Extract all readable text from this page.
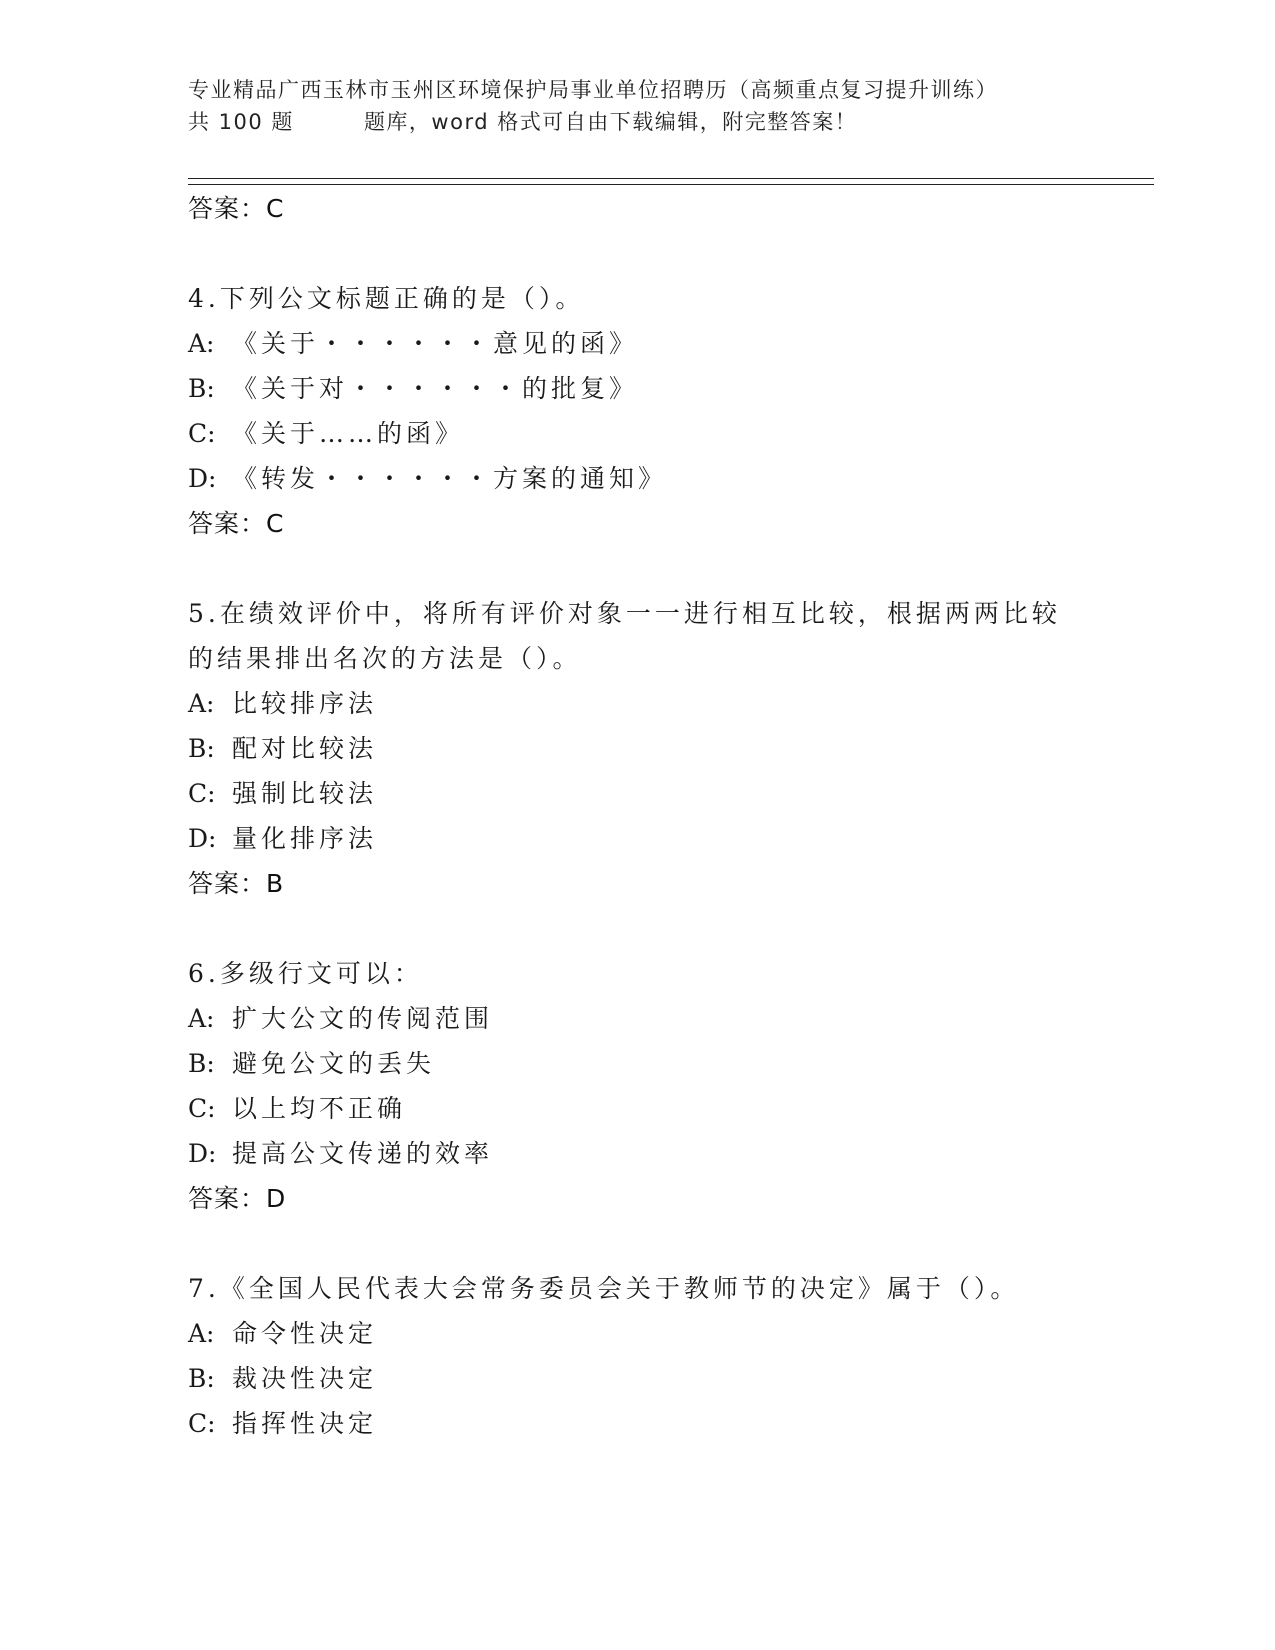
专业精品广西玉林市玉州区环境保护局事业单位招聘历（高频重点复习提升训练）
共 100 题	题库，word 格式可自由下载编辑，附完整答案！
答案：C
4.下列公文标题正确的是（）。
A: 《关于・・・・・・意见的函》
B: 《关于对・・・・・・的批复》
C: 《关于……的函》
D: 《转发・・・・・・方案的通知》
答案：C
5.在绩效评价中，将所有评价对象一一进行相互比较，根据两两比较的结果排出名次的方法是（）。
A: 比较排序法
B: 配对比较法
C: 强制比较法
D: 量化排序法
答案：B
6.多级行文可以：
A: 扩大公文的传阅范围
B: 避免公文的丢失
C: 以上均不正确
D: 提高公文传递的效率
答案：D
7.《全国人民代表大会常务委员会关于教师节的决定》属于（）。
A: 命令性决定
B: 裁决性决定
C: 指挥性决定
